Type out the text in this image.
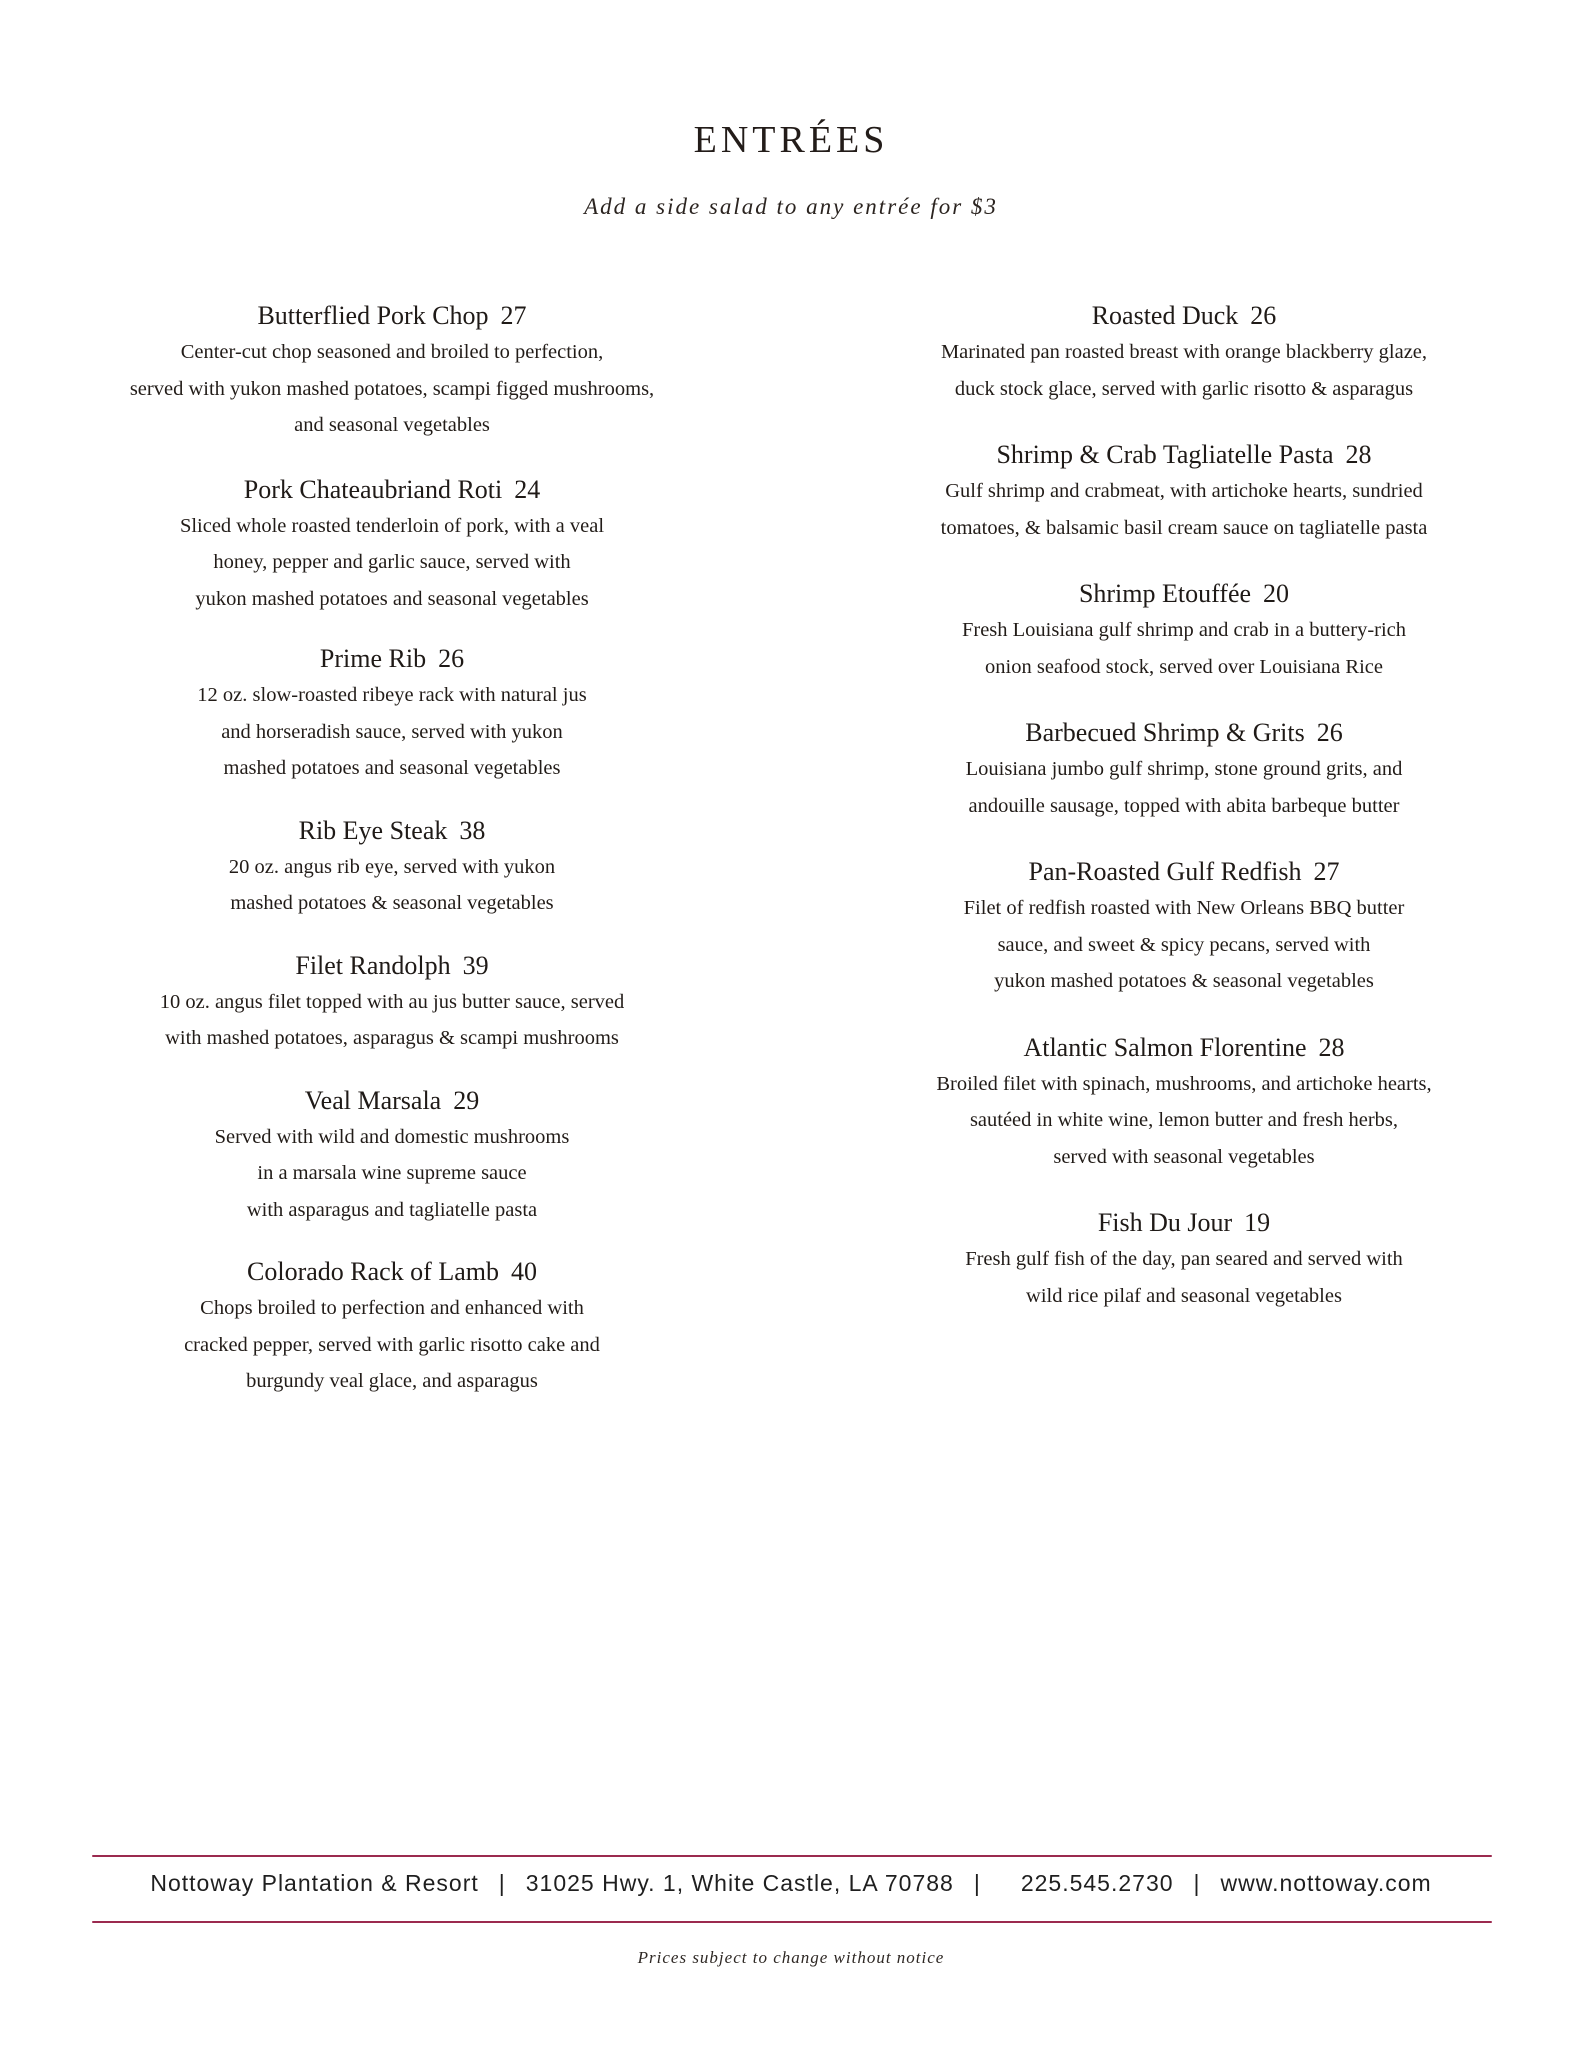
ENTRÉES
Add a side salad to any entrée for $3
Butterflied Pork Chop 27
Center-cut chop seasoned and broiled to perfection,
served with yukon mashed potatoes, scampi figged mushrooms,
and seasonal vegetables
Pork Chateaubriand Roti 24
Sliced whole roasted tenderloin of pork, with a veal
honey, pepper and garlic sauce, served with
yukon mashed potatoes and seasonal vegetables
Prime Rib 26
12 oz. slow-roasted ribeye rack with natural jus
and horseradish sauce, served with yukon
mashed potatoes and seasonal vegetables
Rib Eye Steak 38
20 oz. angus rib eye, served with yukon
mashed potatoes & seasonal vegetables
Filet Randolph 39
10 oz. angus filet topped with au jus butter sauce, served
with mashed potatoes, asparagus & scampi mushrooms
Veal Marsala 29
Served with wild and domestic mushrooms
in a marsala wine supreme sauce
with asparagus and tagliatelle pasta
Colorado Rack of Lamb 40
Chops broiled to perfection and enhanced with
cracked pepper, served with garlic risotto cake and
burgundy veal glace, and asparagus
Roasted Duck 26
Marinated pan roasted breast with orange blackberry glaze,
duck stock glace, served with garlic risotto & asparagus
Shrimp & Crab Tagliatelle Pasta 28
Gulf shrimp and crabmeat, with artichoke hearts, sundried
tomatoes, & balsamic basil cream sauce on tagliatelle pasta
Shrimp Etouffée 20
Fresh Louisiana gulf shrimp and crab in a buttery-rich
onion seafood stock, served over Louisiana Rice
Barbecued Shrimp & Grits 26
Louisiana jumbo gulf shrimp, stone ground grits, and
andouille sausage, topped with abita barbeque butter
Pan-Roasted Gulf Redfish 27
Filet of redfish roasted with New Orleans BBQ butter
sauce, and sweet & spicy pecans, served with
yukon mashed potatoes & seasonal vegetables
Atlantic Salmon Florentine 28
Broiled filet with spinach, mushrooms, and artichoke hearts,
sautéed in white wine, lemon butter and fresh herbs,
served with seasonal vegetables
Fish Du Jour 19
Fresh gulf fish of the day, pan seared and served with
wild rice pilaf and seasonal vegetables
Nottoway Plantation & Resort | 31025 Hwy. 1, White Castle, LA 70788 | 225.545.2730 | www.nottoway.com
Prices subject to change without notice
